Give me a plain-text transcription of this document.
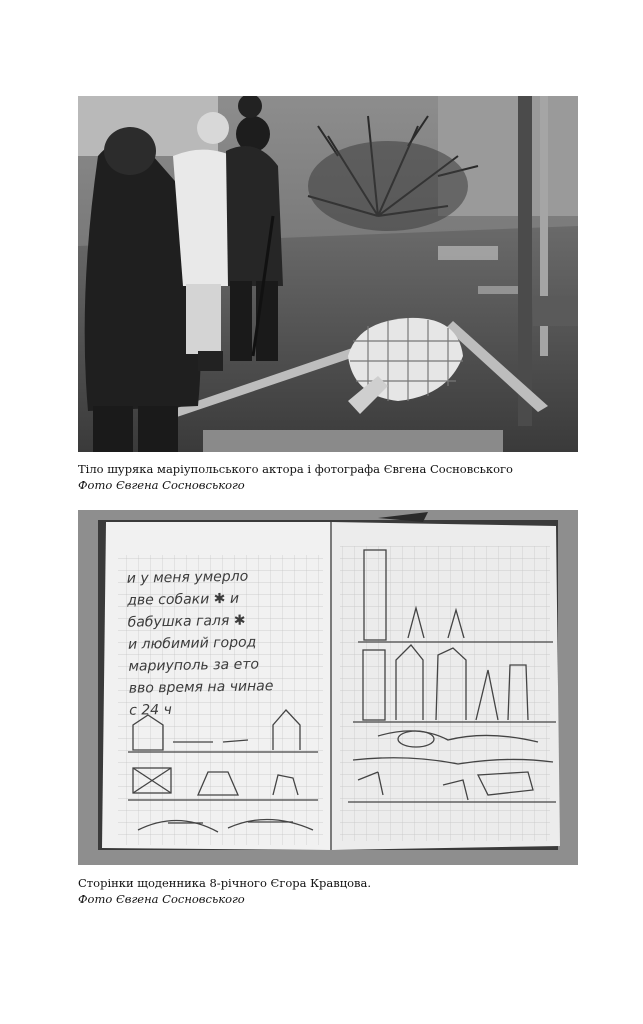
Тіло шуряка маріупольського актора і фотографа Євгена Сосновського
Фото Євгена Сосновського
и у меня умерло
две собаки ✱ и
бабушка галя ✱
и любимий город
мариуполь за ето
вво время на чинае
с 24 ч
Сторінки щоденника 8-річного Єгора Кравцова.
Фото Євгена Сосновського
